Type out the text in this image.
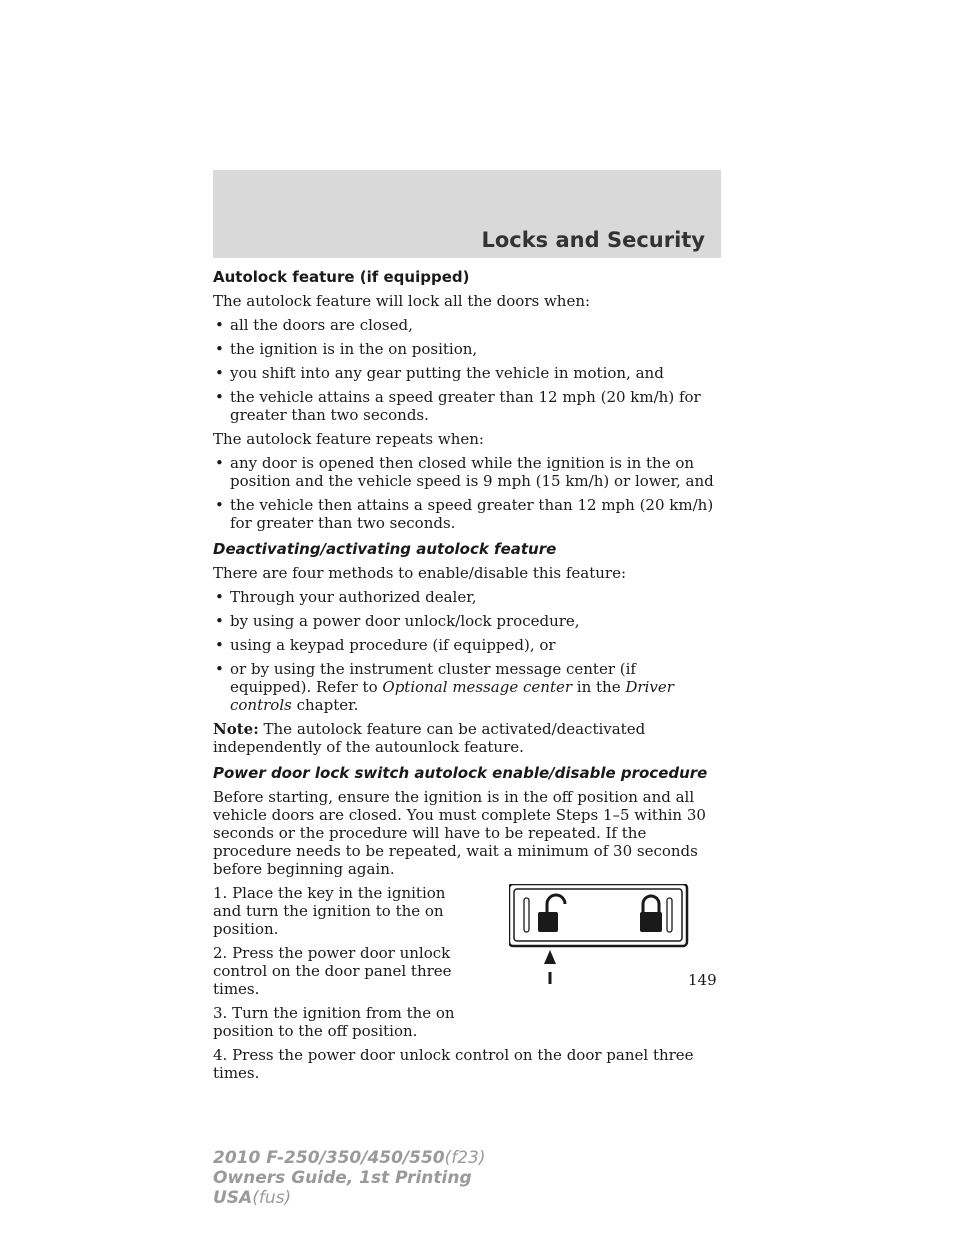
Locks and Security
Autolock feature (if equipped)
The autolock feature will lock all the doors when:
• all the doors are closed,
• the ignition is in the on position,
• you shift into any gear putting the vehicle in motion, and
• the vehicle attains a speed greater than 12 mph (20 km/h) for greater than two seconds.
The autolock feature repeats when:
• any door is opened then closed while the ignition is in the on position and the vehicle speed is 9 mph (15 km/h) or lower, and
• the vehicle then attains a speed greater than 12 mph (20 km/h) for greater than two seconds.
Deactivating/activating autolock feature
There are four methods to enable/disable this feature:
• Through your authorized dealer,
• by using a power door unlock/lock procedure,
• using a keypad procedure (if equipped), or
• or by using the instrument cluster message center (if equipped). Refer to Optional message center in the Driver controls chapter.
Note: The autolock feature can be activated/deactivated independently of the autounlock feature.
Power door lock switch autolock enable/disable procedure
Before starting, ensure the ignition is in the off position and all vehicle doors are closed. You must complete Steps 1–5 within 30 seconds or the procedure will have to be repeated. If the procedure needs to be repeated, wait a minimum of 30 seconds before beginning again.
1. Place the key in the ignition and turn the ignition to the on position.
2. Press the power door unlock control on the door panel three times.
3. Turn the ignition from the on position to the off position.
4. Press the power door unlock control on the door panel three times.
149
2010 F-250/350/450/550(f23)
Owners Guide, 1st Printing
USA(fus)
